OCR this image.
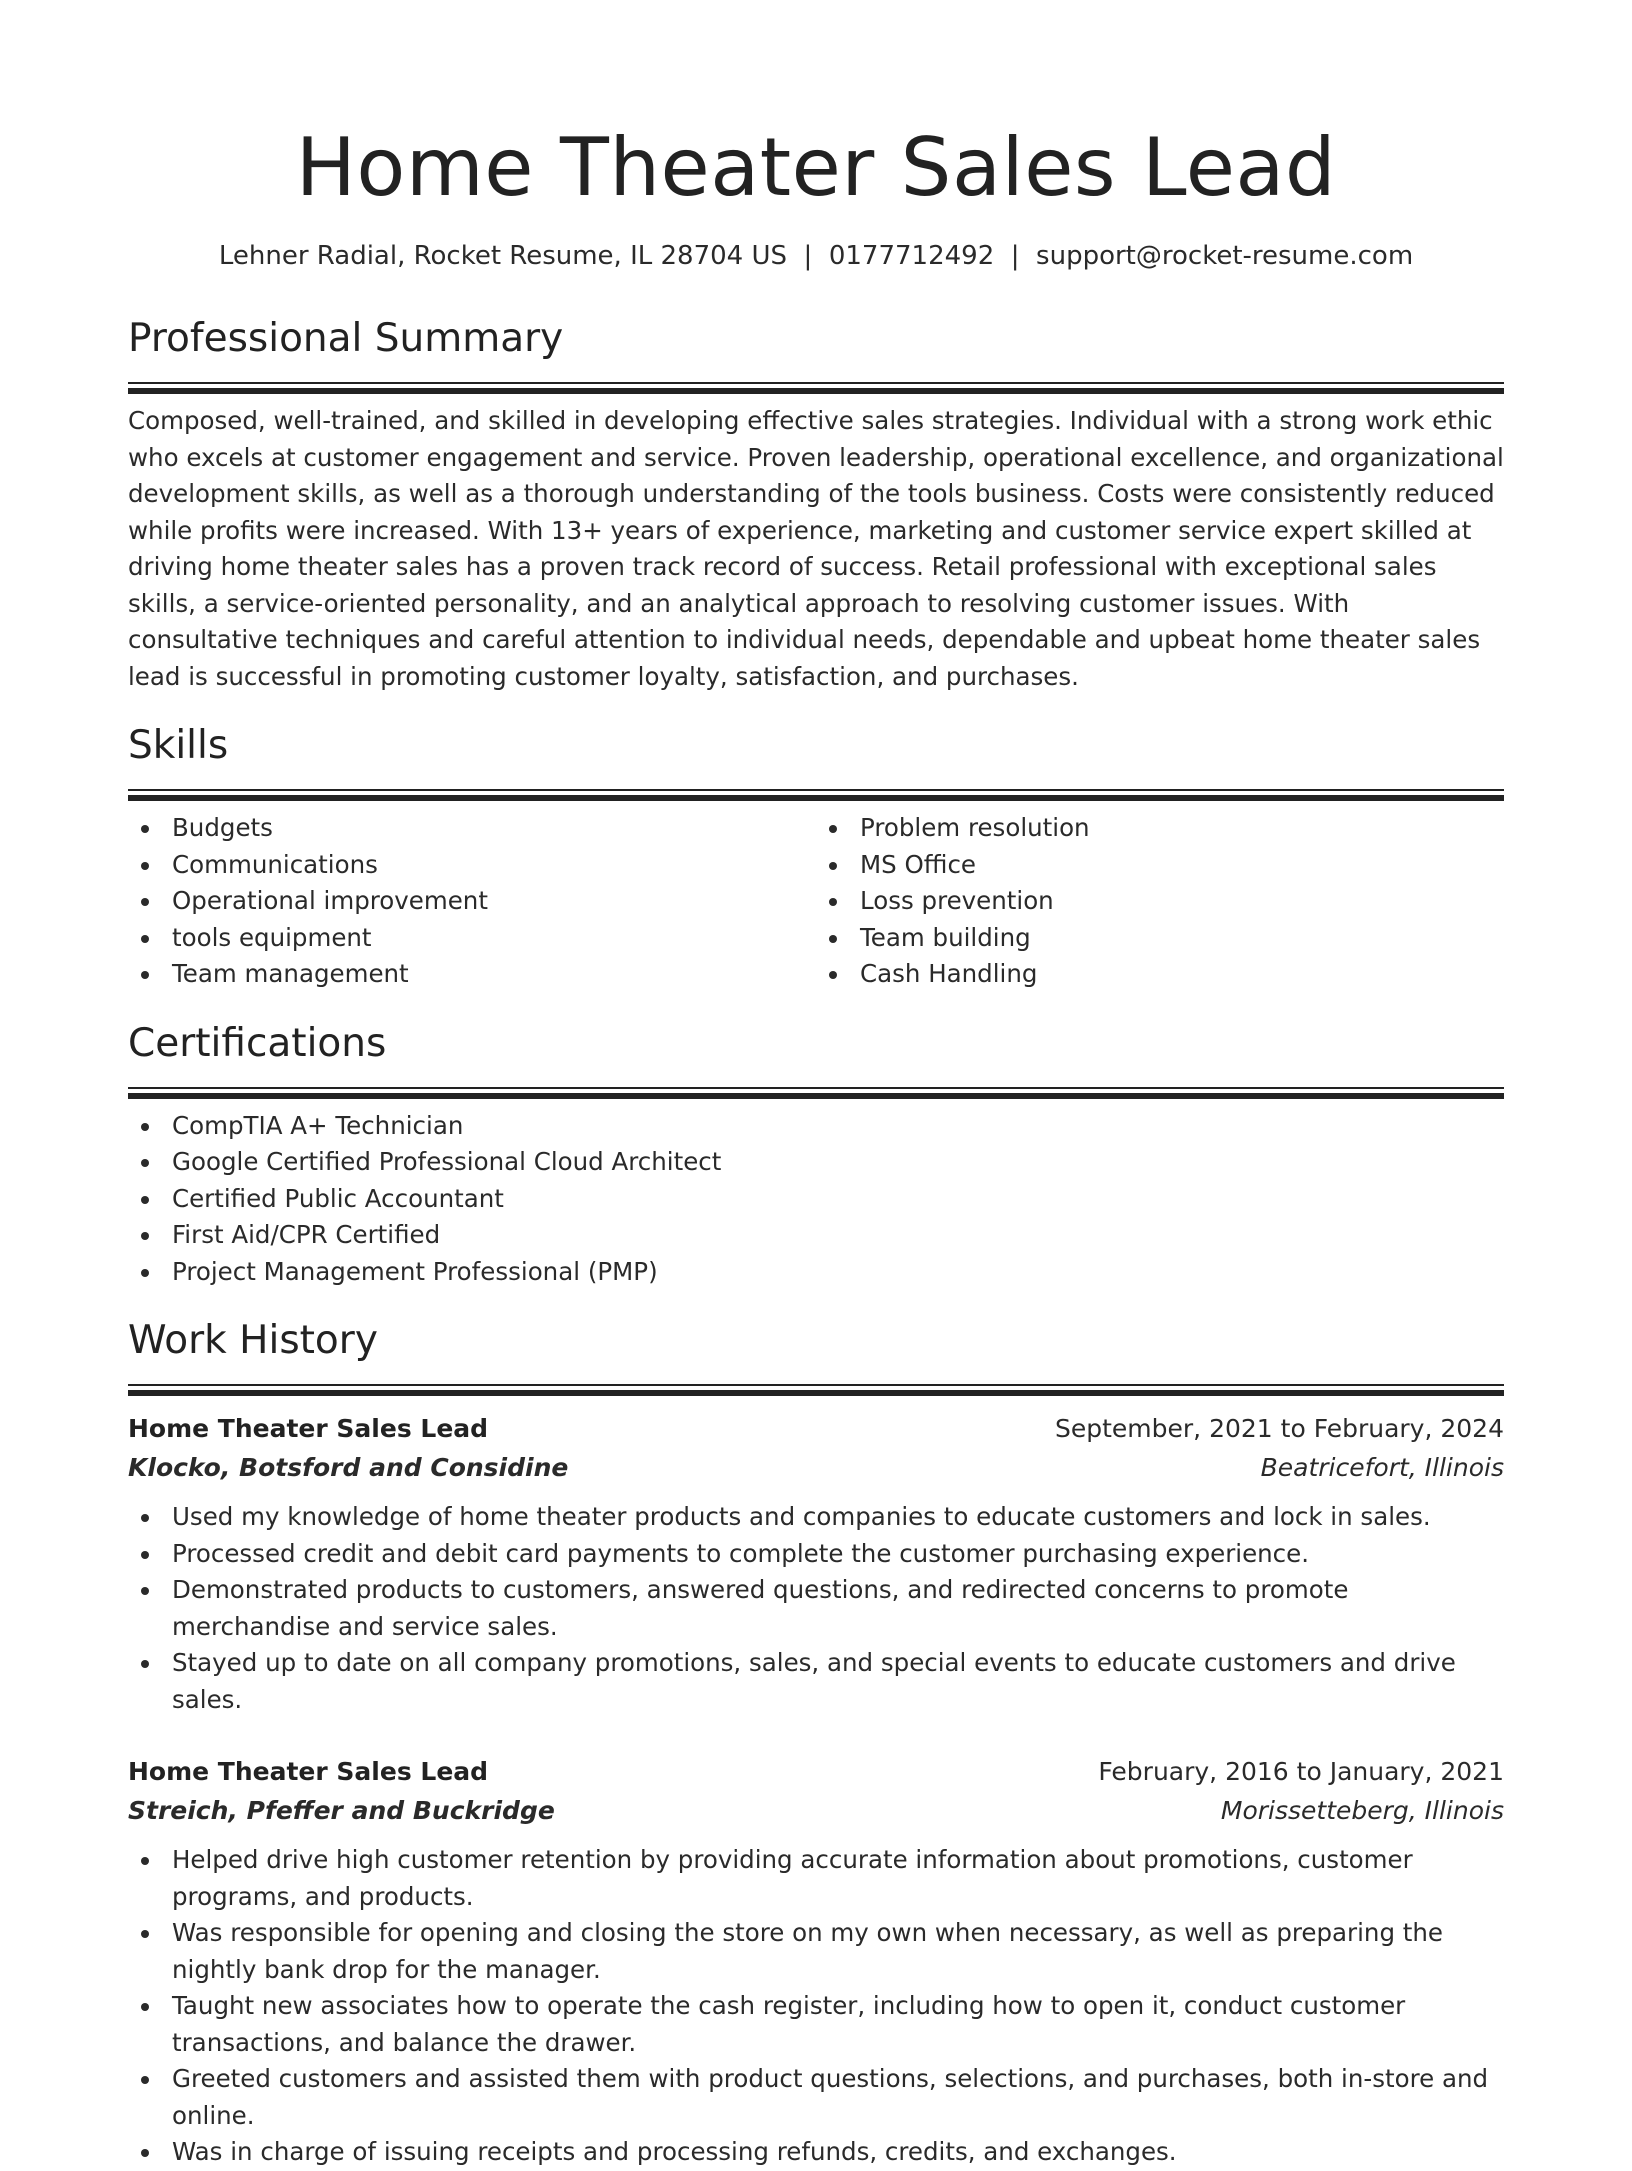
Home Theater Sales Lead
Lehner Radial, Rocket Resume, IL 28704 US  |  0177712492  |  support@rocket-resume.com
Professional Summary

Composed, well-trained, and skilled in developing effective sales strategies. Individual with a strong work ethic who excels at customer engagement and service. Proven leadership, operational excellence, and organizational development skills, as well as a thorough understanding of the tools business. Costs were consistently reduced while profits were increased. With 13+ years of experience, marketing and customer service expert skilled at driving home theater sales has a proven track record of success. Retail professional with exceptional sales skills, a service-oriented personality, and an analytical approach to resolving customer issues. With consultative techniques and careful attention to individual needs, dependable and upbeat home theater sales lead is successful in promoting customer loyalty, satisfaction, and purchases.

Skills
Budgets
Communications
Operational improvement
tools equipment
Team management
Problem resolution
MS Office
Loss prevention
Team building
Cash Handling
Certifications
CompTIA A+ Technician
Google Certified Professional Cloud Architect
Certified Public Accountant
First Aid/CPR Certified
Project Management Professional (PMP)
Work History
Home Theater Sales Lead	September, 2021 to February, 2024
Klocko, Botsford and Considine	Beatricefort, Illinois
Used my knowledge of home theater products and companies to educate customers and lock in sales.
Processed credit and debit card payments to complete the customer purchasing experience.
Demonstrated products to customers, answered questions, and redirected concerns to promote merchandise and service sales.
Stayed up to date on all company promotions, sales, and special events to educate customers and drive sales.
Home Theater Sales Lead	February, 2016 to January, 2021
Streich, Pfeffer and Buckridge	Morissetteberg, Illinois
Helped drive high customer retention by providing accurate information about promotions, customer programs, and products.
Was responsible for opening and closing the store on my own when necessary, as well as preparing the nightly bank drop for the manager.
Taught new associates how to operate the cash register, including how to open it, conduct customer transactions, and balance the drawer.
Greeted customers and assisted them with product questions, selections, and purchases, both in-store and online.
Was in charge of issuing receipts and processing refunds, credits, and exchanges.
